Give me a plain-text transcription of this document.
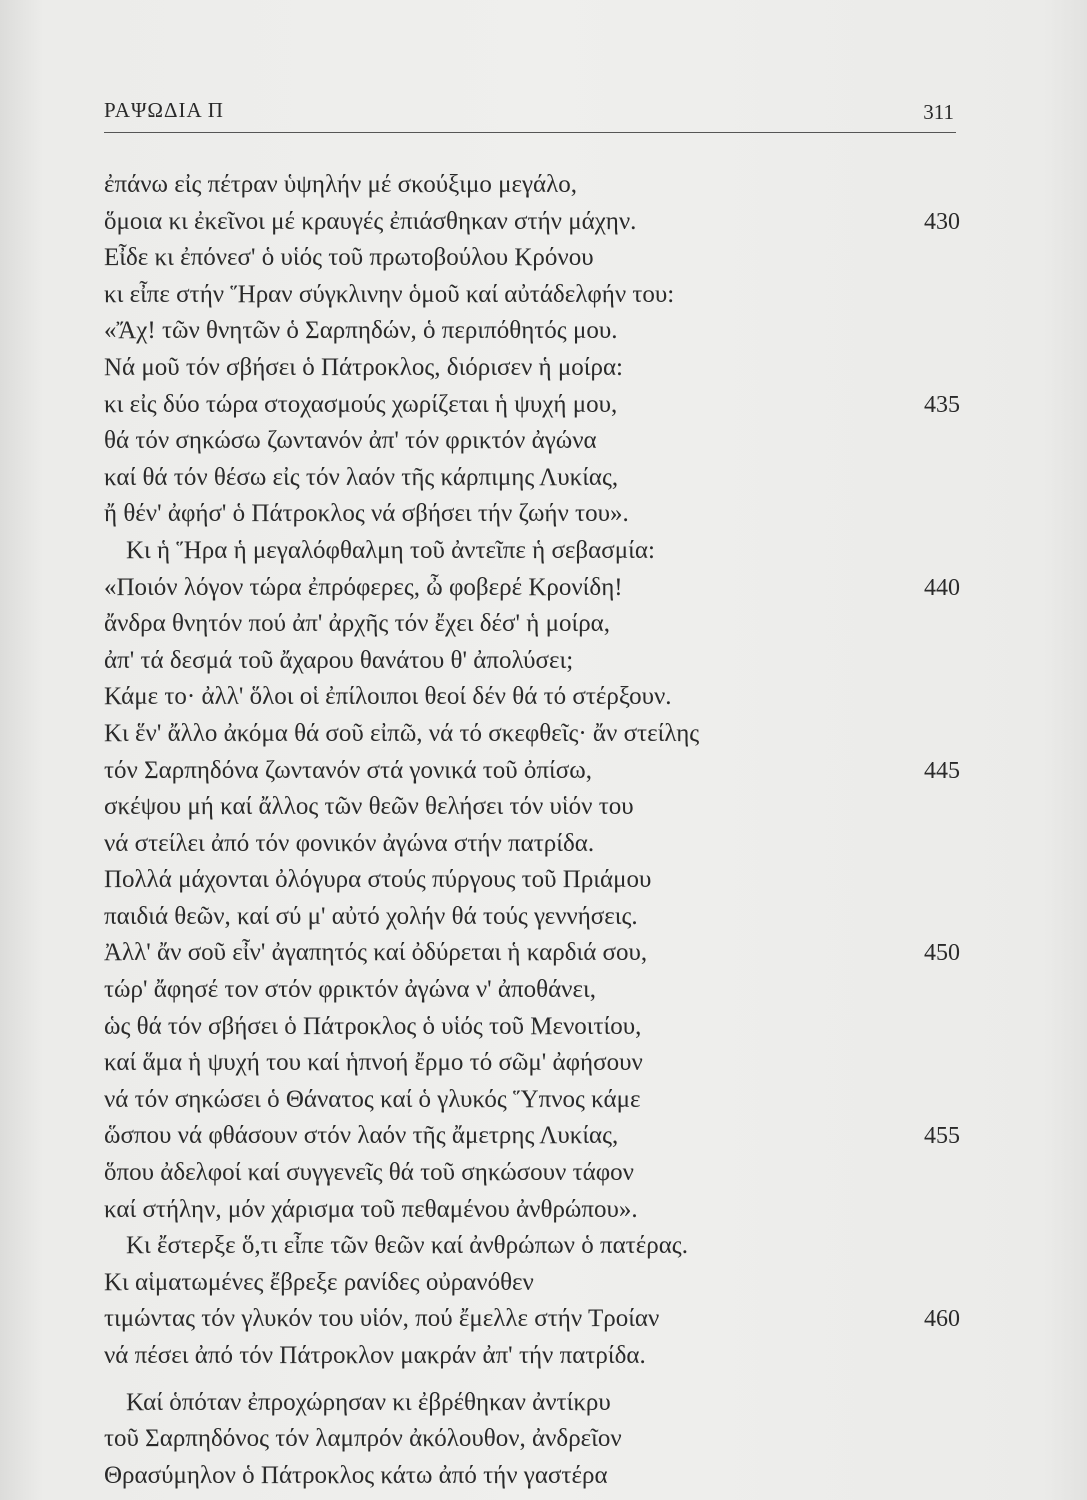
ΡΑΨΩΔΙΑ Π	311
ἐπάνω εἰς πέτραν ὑψηλήν μέ σκούξιμο μεγάλο,
ὅμοια κι ἐκεῖνοι μέ κραυγές ἐπιάσθηκαν στήν μάχην.	430
Εἶδε κι ἐπόνεσ' ὁ υἱός τοῦ πρωτοβούλου Κρόνου
κι εἶπε στήν Ἥραν σύγκλινην ὁμοῦ καί αὐτάδελφήν του:
«Ἄχ! τῶν θνητῶν ὁ Σαρπηδών, ὁ περιπόθητός μου.
Νά μοῦ τόν σβήσει ὁ Πάτροκλος, διόρισεν ἡ μοίρα:
κι εἰς δύο τώρα στοχασμούς χωρίζεται ἡ ψυχή μου,	435
θά τόν σηκώσω ζωντανόν ἀπ' τόν φρικτόν ἀγώνα
καί θά τόν θέσω εἰς τόν λαόν τῆς κάρπιμης Λυκίας,
ἤ θέν' ἀφήσ' ὁ Πάτροκλος νά σβήσει τήν ζωήν του».
Κι ἡ Ἥρα ἡ μεγαλόφθαλμη τοῦ ἀντεῖπε ἡ σεβασμία:
«Ποιόν λόγον τώρα ἐπρόφερες, ὦ φοβερέ Κρονίδη!	440
ἄνδρα θνητόν πού ἀπ' ἀρχῆς τόν ἔχει δέσ' ἡ μοίρα,
ἀπ' τά δεσμά τοῦ ἄχαρου θανάτου θ' ἀπολύσει;
Κάμε το· ἀλλ' ὅλοι οἱ ἐπίλοιποι θεοί δέν θά τό στέρξουν.
Κι ἕν' ἄλλο ἀκόμα θά σοῦ εἰπῶ, νά τό σκεφθεῖς· ἄν στείλης
τόν Σαρπηδόνα ζωντανόν στά γονικά τοῦ ὀπίσω,	445
σκέψου μή καί ἄλλος τῶν θεῶν θελήσει τόν υἱόν του
νά στείλει ἀπό τόν φονικόν ἀγώνα στήν πατρίδα.
Πολλά μάχονται ὀλόγυρα στούς πύργους τοῦ Πριάμου
παιδιά θεῶν, καί σύ μ' αὐτό χολήν θά τούς γεννήσεις.
Ἀλλ' ἄν σοῦ εἶν' ἀγαπητός καί ὀδύρεται ἡ καρδιά σου,	450
τώρ' ἄφησέ τον στόν φρικτόν ἀγώνα ν' ἀποθάνει,
ὡς θά τόν σβήσει ὁ Πάτροκλος ὁ υἱός τοῦ Μενοιτίου,
καί ἅμα ἡ ψυχή του καί ἡπνοή ἔρμο τό σῶμ' ἀφήσουν
νά τόν σηκώσει ὁ Θάνατος καί ὁ γλυκός Ὕπνος κάμε
ὥσπου νά φθάσουν στόν λαόν τῆς ἄμετρης Λυκίας,	455
ὅπου ἀδελφοί καί συγγενεῖς θά τοῦ σηκώσουν τάφον
καί στήλην, μόν χάρισμα τοῦ πεθαμένου ἀνθρώπου».
Κι ἔστερξε ὅ,τι εἶπε τῶν θεῶν καί ἀνθρώπων ὁ πατέρας.
Κι αἱματωμένες ἔβρεξε ρανίδες οὐρανόθεν
τιμώντας τόν γλυκόν του υἱόν, πού ἔμελλε στήν Τροίαν	460
νά πέσει ἀπό τόν Πάτροκλον μακράν ἀπ' τήν πατρίδα.
Καί ὁπόταν ἐπροχώρησαν κι ἐβρέθηκαν ἀντίκρυ
τοῦ Σαρπηδόνος τόν λαμπρόν ἀκόλουθον, ἀνδρεῖον
Θρασύμηλον ὁ Πάτροκλος κάτω ἀπό τήν γαστέρα
